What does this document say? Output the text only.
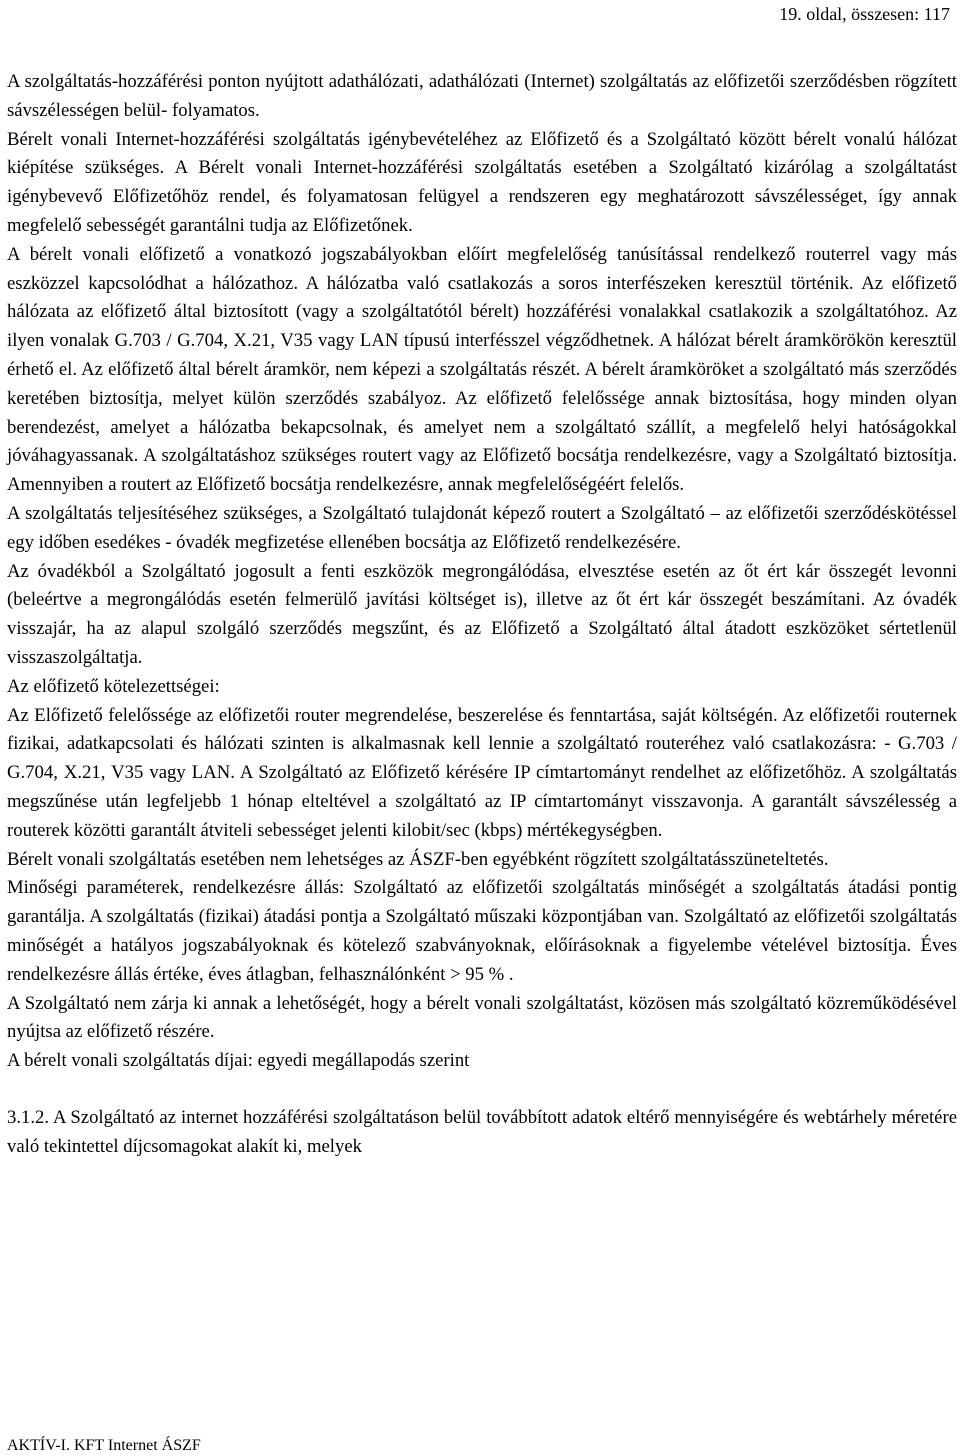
19. oldal, összesen: 117

A szolgáltatás-hozzáférési ponton nyújtott adathálózati, adathálózati (Internet) szolgáltatás az előfizetői szerződésben rögzített sávszélességen belül- folyamatos.

Bérelt vonali Internet-hozzáférési szolgáltatás igénybevételéhez az Előfizető és a Szolgáltató között bérelt vonalú hálózat kiépítése szükséges. A Bérelt vonali Internet-hozzáférési szolgáltatás esetében a Szolgáltató kizárólag a szolgáltatást igénybevevő Előfizetőhöz rendel, és folyamatosan felügyel a rendszeren egy meghatározott sávszélességet, így annak megfelelő sebességét garantálni tudja az Előfizetőnek.

A bérelt vonali előfizető a vonatkozó jogszabályokban előírt megfelelőség tanúsítással rendelkező routerrel vagy más eszközzel kapcsolódhat a hálózathoz. A hálózatba való csatlakozás a soros interfészeken keresztül történik. Az előfizető hálózata az előfizető által biztosított (vagy a szolgáltatótól bérelt) hozzáférési vonalakkal csatlakozik a szolgáltatóhoz. Az ilyen vonalak G.703 / G.704, X.21, V35 vagy LAN típusú interfésszel végződhetnek. A hálózat bérelt áramkörökön keresztül érhető el. Az előfizető által bérelt áramkör, nem képezi a szolgáltatás részét. A bérelt áramköröket a szolgáltató más szerződés keretében biztosítja, melyet külön szerződés szabályoz. Az előfizető felelőssége annak biztosítása, hogy minden olyan berendezést, amelyet a hálózatba bekapcsolnak, és amelyet nem a szolgáltató szállít, a megfelelő helyi hatóságokkal jóváhagyassanak. A szolgáltatáshoz szükséges routert vagy az Előfizető bocsátja rendelkezésre, vagy a Szolgáltató biztosítja. Amennyiben a routert az Előfizető bocsátja rendelkezésre, annak megfelelőségéért felelős.

A szolgáltatás teljesítéséhez szükséges, a Szolgáltató tulajdonát képező routert a Szolgáltató – az előfizetői szerződéskötéssel egy időben esedékes - óvadék megfizetése ellenében bocsátja az Előfizető rendelkezésére.

Az óvadékból a Szolgáltató jogosult a fenti eszközök megrongálódása, elvesztése esetén az őt ért kár összegét levonni (beleértve a megrongálódás esetén felmerülő javítási költséget is), illetve az őt ért kár összegét beszámítani. Az óvadék visszajár, ha az alapul szolgáló szerződés megszűnt, és az Előfizető a Szolgáltató által átadott eszközöket sértetlenül visszaszolgáltatja.

Az előfizető kötelezettségei:

Az Előfizető felelőssége az előfizetői router megrendelése, beszerelése és fenntartása, saját költségén. Az előfizetői routernek fizikai, adatkapcsolati és hálózati szinten is alkalmasnak kell lennie a szolgáltató routeréhez való csatlakozásra: - G.703 / G.704, X.21, V35 vagy LAN. A Szolgáltató az Előfizető kérésére IP címtartományt rendelhet az előfizetőhöz. A szolgáltatás megszűnése után legfeljebb 1 hónap elteltével a szolgáltató az IP címtartományt visszavonja. A garantált sávszélesség a routerek közötti garantált átviteli sebességet jelenti kilobit/sec (kbps) mértékegységben.

Bérelt vonali szolgáltatás esetében nem lehetséges az ÁSZF-ben egyébként rögzített szolgáltatásszüneteltetés.

Minőségi paraméterek, rendelkezésre állás: Szolgáltató az előfizetői szolgáltatás minőségét a szolgáltatás átadási pontig garantálja. A szolgáltatás (fizikai) átadási pontja a Szolgáltató műszaki központjában van. Szolgáltató az előfizetői szolgáltatás minőségét a hatályos jogszabályoknak és kötelező szabványoknak, előírásoknak a figyelembe vételével biztosítja. Éves rendelkezésre állás értéke, éves átlagban, felhasználónként > 95 % .

A Szolgáltató nem zárja ki annak a lehetőségét, hogy a bérelt vonali szolgáltatást, közösen más szolgáltató közreműködésével nyújtsa az előfizető részére.

A bérelt vonali szolgáltatás díjai: egyedi megállapodás szerint

3.1.2. A Szolgáltató az internet hozzáférési szolgáltatáson belül továbbított adatok eltérő mennyiségére és webtárhely méretére való tekintettel díjcsomagokat alakít ki, melyek

AKTÍV-I. KFT Internet ÁSZF
